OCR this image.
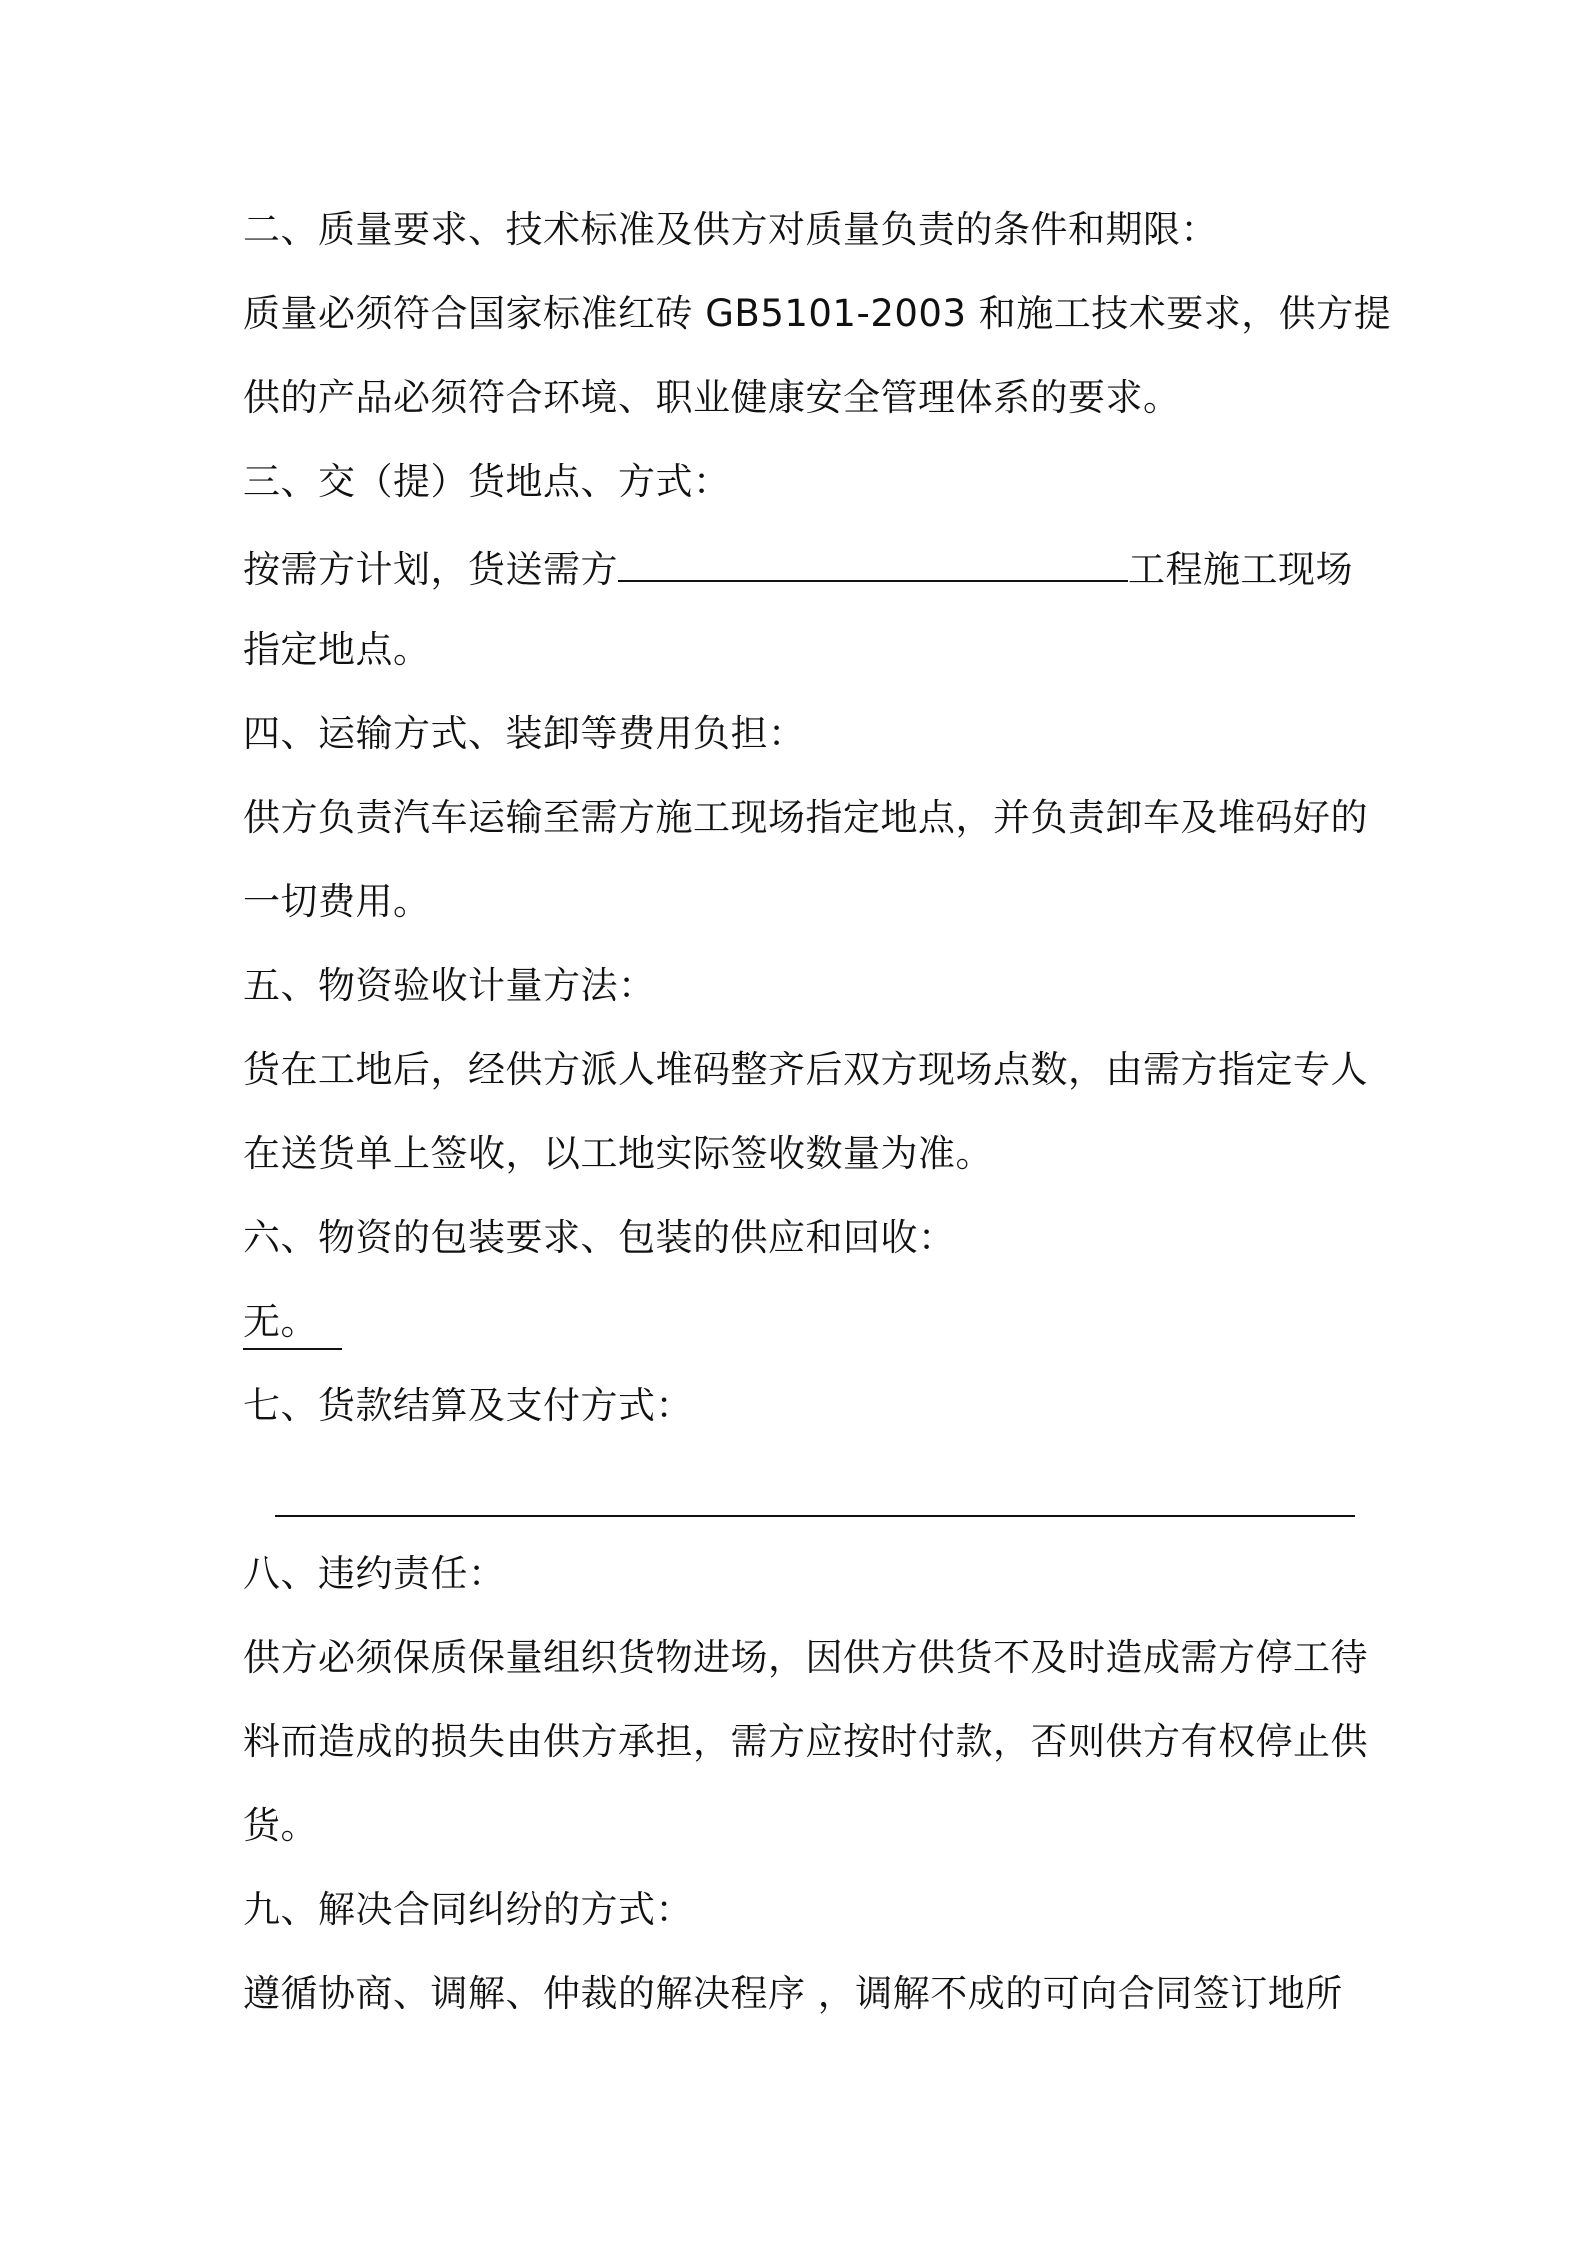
二、质量要求、技术标准及供方对质量负责的条件和期限：
质量必须符合国家标准红砖 GB5101-2003 和施工技术要求，供方提
供的产品必须符合环境、职业健康安全管理体系的要求。
三、交（提）货地点、方式：
按需方计划，货送需方	工程施工现场
指定地点。
四、运输方式、装卸等费用负担：
供方负责汽车运输至需方施工现场指定地点，并负责卸车及堆码好的
一切费用。
五、物资验收计量方法：
货在工地后，经供方派人堆码整齐后双方现场点数，由需方指定专人
在送货单上签收，以工地实际签收数量为准。
六、物资的包装要求、包装的供应和回收：
无。
七、货款结算及支付方式：
八、违约责任：
供方必须保质保量组织货物进场，因供方供货不及时造成需方停工待
料而造成的损失由供方承担，需方应按时付款，否则供方有权停止供
货。
九、解决合同纠纷的方式：
遵循协商、调解、仲裁的解决程序 ，调解不成的可向合同签订地所
